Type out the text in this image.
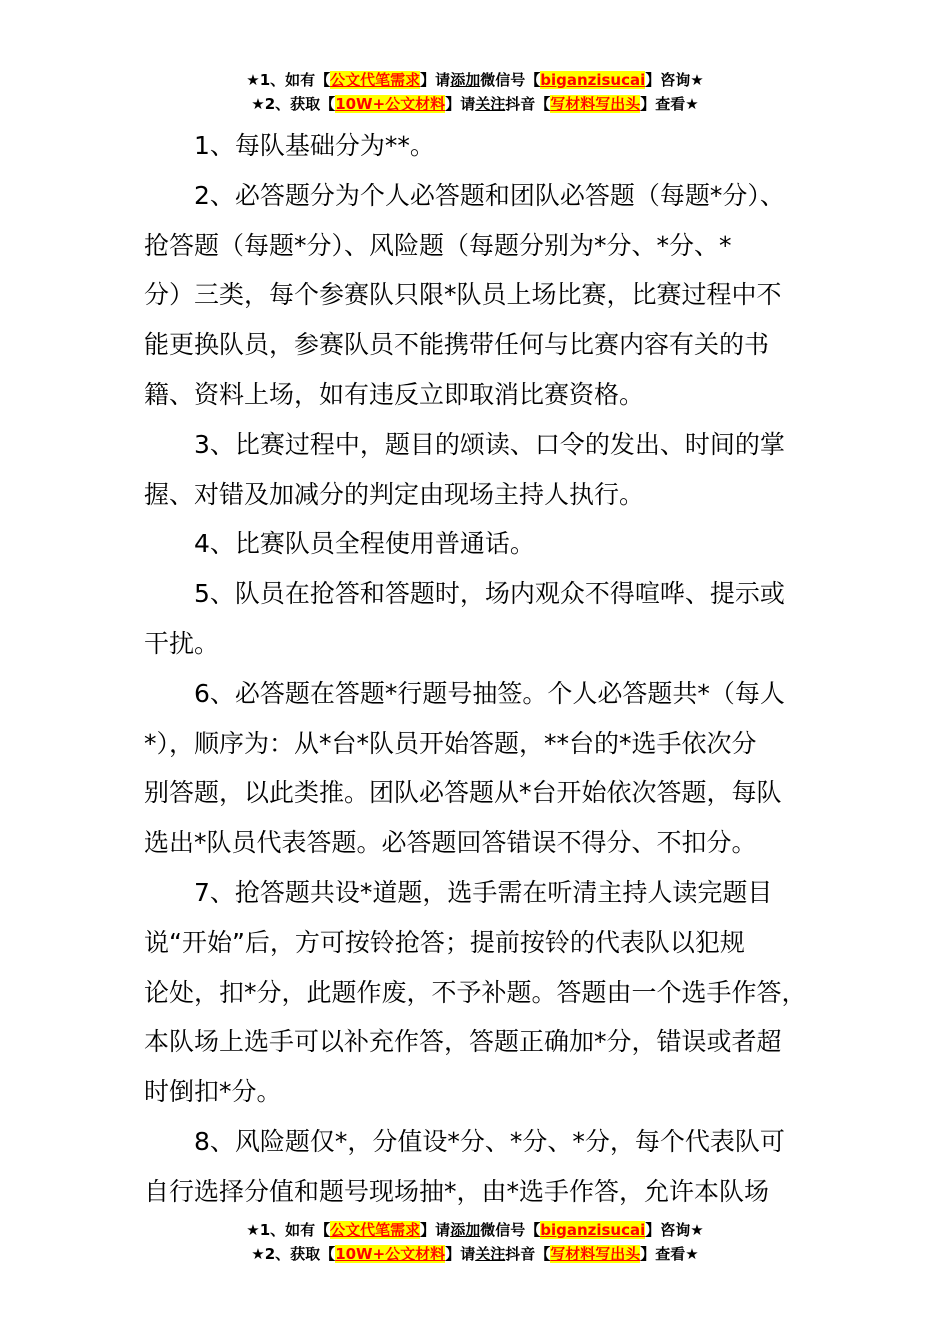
★1、如有【公文代笔需求】请添加微信号【biganzisucai】咨询★
★2、获取【10W+公文材料】请关注抖音【写材料写出头】查看★

1、每队基础分为**。

2、必答题分为个人必答题和团队必答题（每题*分）、
抢答题（每题*分）、风险题（每题分别为*分、*分、*
分）三类，每个参赛队只限*队员上场比赛，比赛过程中不
能更换队员，参赛队员不能携带任何与比赛内容有关的书
籍、资料上场，如有违反立即取消比赛资格。

3、比赛过程中，题目的颂读、口令的发出、时间的掌
握、对错及加减分的判定由现场主持人执行。

4、比赛队员全程使用普通话。

5、队员在抢答和答题时，场内观众不得喧哗、提示或
干扰。

6、必答题在答题*行题号抽签。个人必答题共*（每人
*），顺序为：从*台*队员开始答题，**台的*选手依次分
别答题，以此类推。团队必答题从*台开始依次答题，每队
选出*队员代表答题。必答题回答错误不得分、不扣分。

7、抢答题共设*道题，选手需在听清主持人读完题目
说“开始”后，方可按铃抢答；提前按铃的代表队以犯规
论处，扣*分，此题作废，不予补题。答题由一个选手作答，
本队场上选手可以补充作答，答题正确加*分，错误或者超
时倒扣*分。

8、风险题仅*，分值设*分、*分、*分，每个代表队可
自行选择分值和题号现场抽*，由*选手作答，允许本队场

★1、如有【公文代笔需求】请添加微信号【biganzisucai】咨询★
★2、获取【10W+公文材料】请关注抖音【写材料写出头】查看★
